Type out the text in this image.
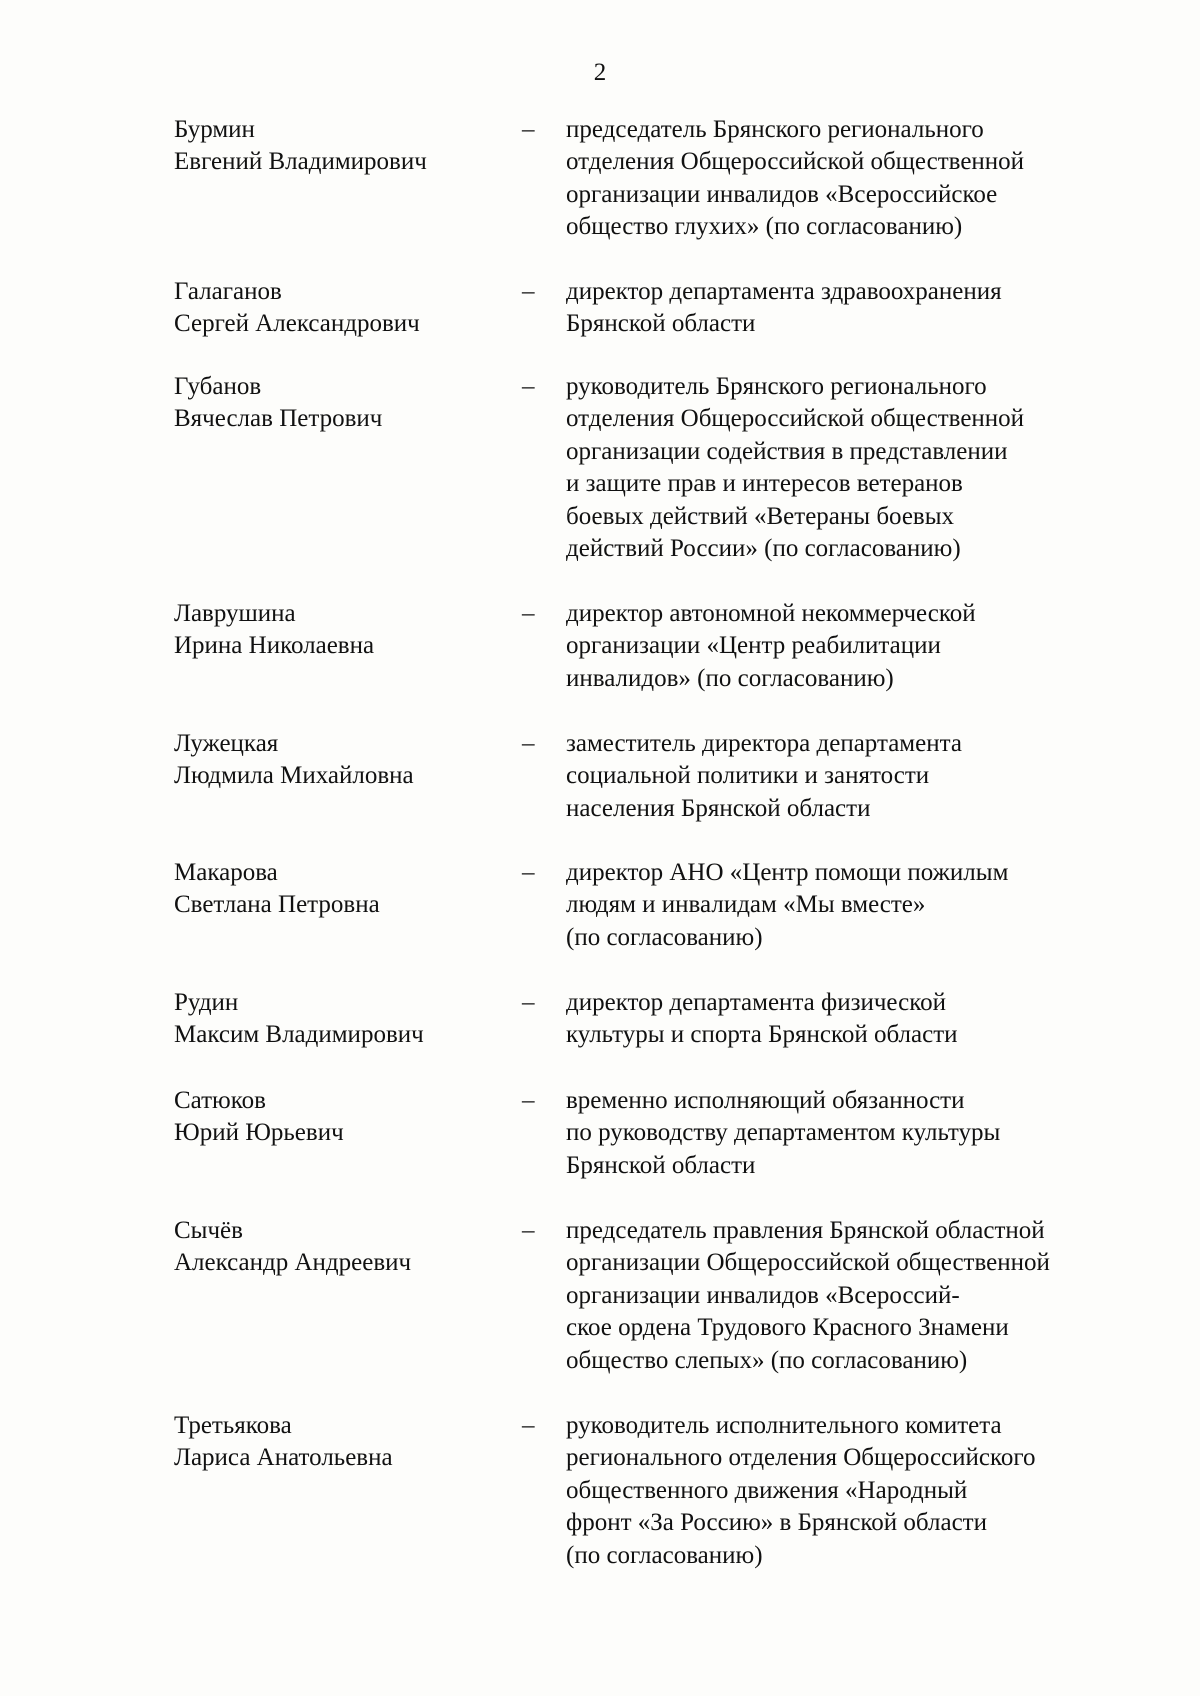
2
Бурмин
Евгений Владимирович
– председатель Брянского регионального
отделения Общероссийской общественной
организации инвалидов «Всероссийское
общество глухих» (по согласованию)
Галаганов
Сергей Александрович
– директор департамента здравоохранения
Брянской области
Губанов
Вячеслав Петрович
– руководитель Брянского регионального
отделения Общероссийской общественной
организации содействия в представлении
и защите прав и интересов ветеранов
боевых действий «Ветераны боевых
действий России» (по согласованию)
Лаврушина
Ирина Николаевна
– директор автономной некоммерческой
организации «Центр реабилитации
инвалидов» (по согласованию)
Лужецкая
Людмила Михайловна
– заместитель директора департамента
социальной политики и занятости
населения Брянской области
Макарова
Светлана Петровна
– директор АНО «Центр помощи пожилым
людям и инвалидам «Мы вместе»
(по согласованию)
Рудин
Максим Владимирович
– директор департамента физической
культуры и спорта Брянской области
Сатюков
Юрий Юрьевич
– временно исполняющий обязанности
по руководству департаментом культуры
Брянской области
Сычёв
Александр Андреевич
– председатель правления Брянской областной
организации Общероссийской общественной
организации инвалидов «Всероссий-
ское ордена Трудового Красного Знамени
общество слепых» (по согласованию)
Третьякова
Лариса Анатольевна
– руководитель исполнительного комитета
регионального отделения Общероссийского
общественного движения «Народный
фронт «За Россию» в Брянской области
(по согласованию)
